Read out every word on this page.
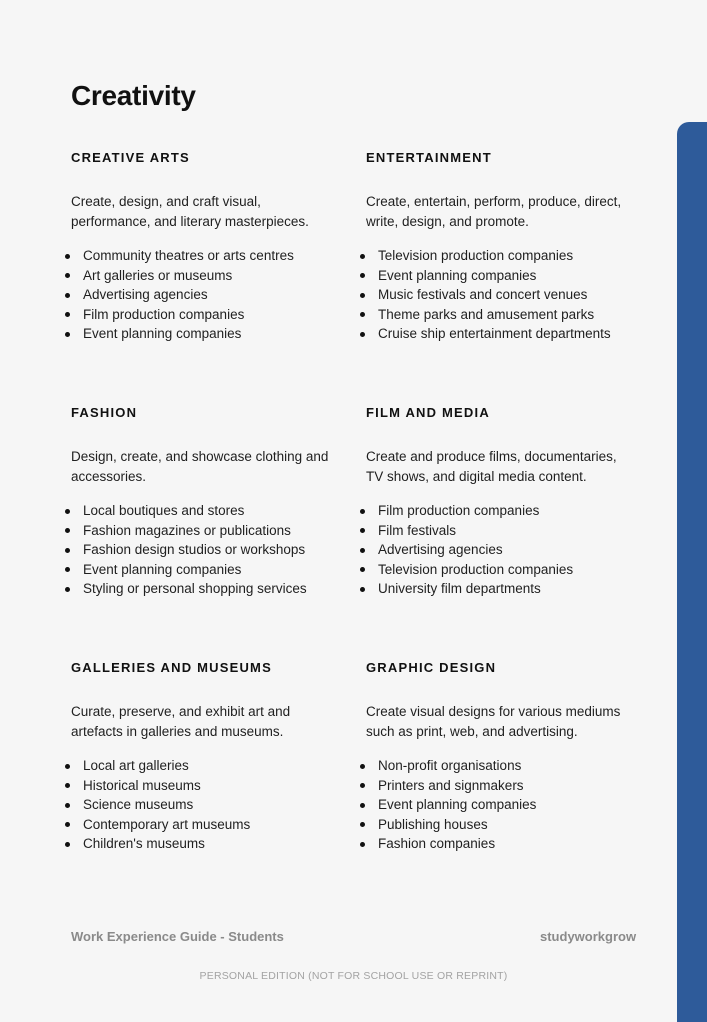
Creativity
CREATIVE ARTS

Create, design, and craft visual, performance, and literary masterpieces.

Community theatres or arts centres
Art galleries or museums
Advertising agencies
Film production companies
Event planning companies
ENTERTAINMENT

Create, entertain, perform, produce, direct, write, design, and promote.

Television production companies
Event planning companies
Music festivals and concert venues
Theme parks and amusement parks
Cruise ship entertainment departments
FASHION

Design, create, and showcase clothing and accessories.

Local boutiques and stores
Fashion magazines or publications
Fashion design studios or workshops
Event planning companies
Styling or personal shopping services
FILM AND MEDIA

Create and produce films, documentaries, TV shows, and digital media content.

Film production companies
Film festivals
Advertising agencies
Television production companies
University film departments
GALLERIES AND MUSEUMS

Curate, preserve, and exhibit art and artefacts in galleries and museums.

Local art galleries
Historical museums
Science museums
Contemporary art museums
Children's museums
GRAPHIC DESIGN

Create visual designs for various mediums such as print, web, and advertising.

Non-profit organisations
Printers and signmakers
Event planning companies
Publishing houses
Fashion companies
Work Experience Guide - Students	studyworkgrow
PERSONAL EDITION (NOT FOR SCHOOL USE OR REPRINT)
